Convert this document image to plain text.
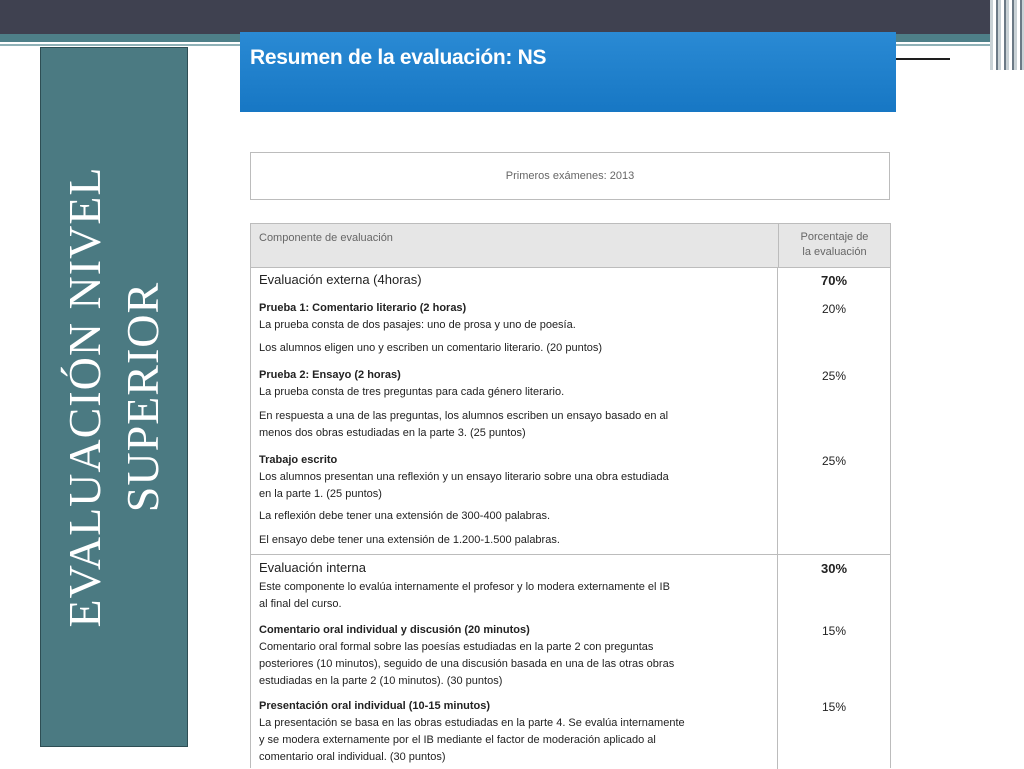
EVALUACIÓN NIVEL SUPERIOR
Resumen de la evaluación: NS
Primeros exámenes: 2013
Componente de evaluación	Porcentaje de
la evaluación
Evaluación externa (4horas)	70%
Prueba 1: Comentario literario (2 horas)
La prueba consta de dos pasajes: uno de prosa y uno de poesía.
Los alumnos eligen uno y escriben un comentario literario. (20 puntos)
20%
Prueba 2: Ensayo (2 horas)
La prueba consta de tres preguntas para cada género literario.
En respuesta a una de las preguntas, los alumnos escriben un ensayo basado en al
menos dos obras estudiadas en la parte 3. (25 puntos)
25%
Trabajo escrito
Los alumnos presentan una reflexión y un ensayo literario sobre una obra estudiada
en la parte 1. (25 puntos)
La reflexión debe tener una extensión de 300-400 palabras.
El ensayo debe tener una extensión de 1.200-1.500 palabras.
25%
Evaluación interna	30%
Este componente lo evalúa internamente el profesor y lo modera externamente el IB
al final del curso.
Comentario oral individual y discusión (20 minutos)
Comentario oral formal sobre las poesías estudiadas en la parte 2 con preguntas
posteriores (10 minutos), seguido de una discusión basada en una de las otras obras
estudiadas en la parte 2 (10 minutos). (30 puntos)
15%
Presentación oral individual (10-15 minutos)
La presentación se basa en las obras estudiadas en la parte 4. Se evalúa internamente
y se modera externamente por el IB mediante el factor de moderación aplicado al
comentario oral individual. (30 puntos)
15%
